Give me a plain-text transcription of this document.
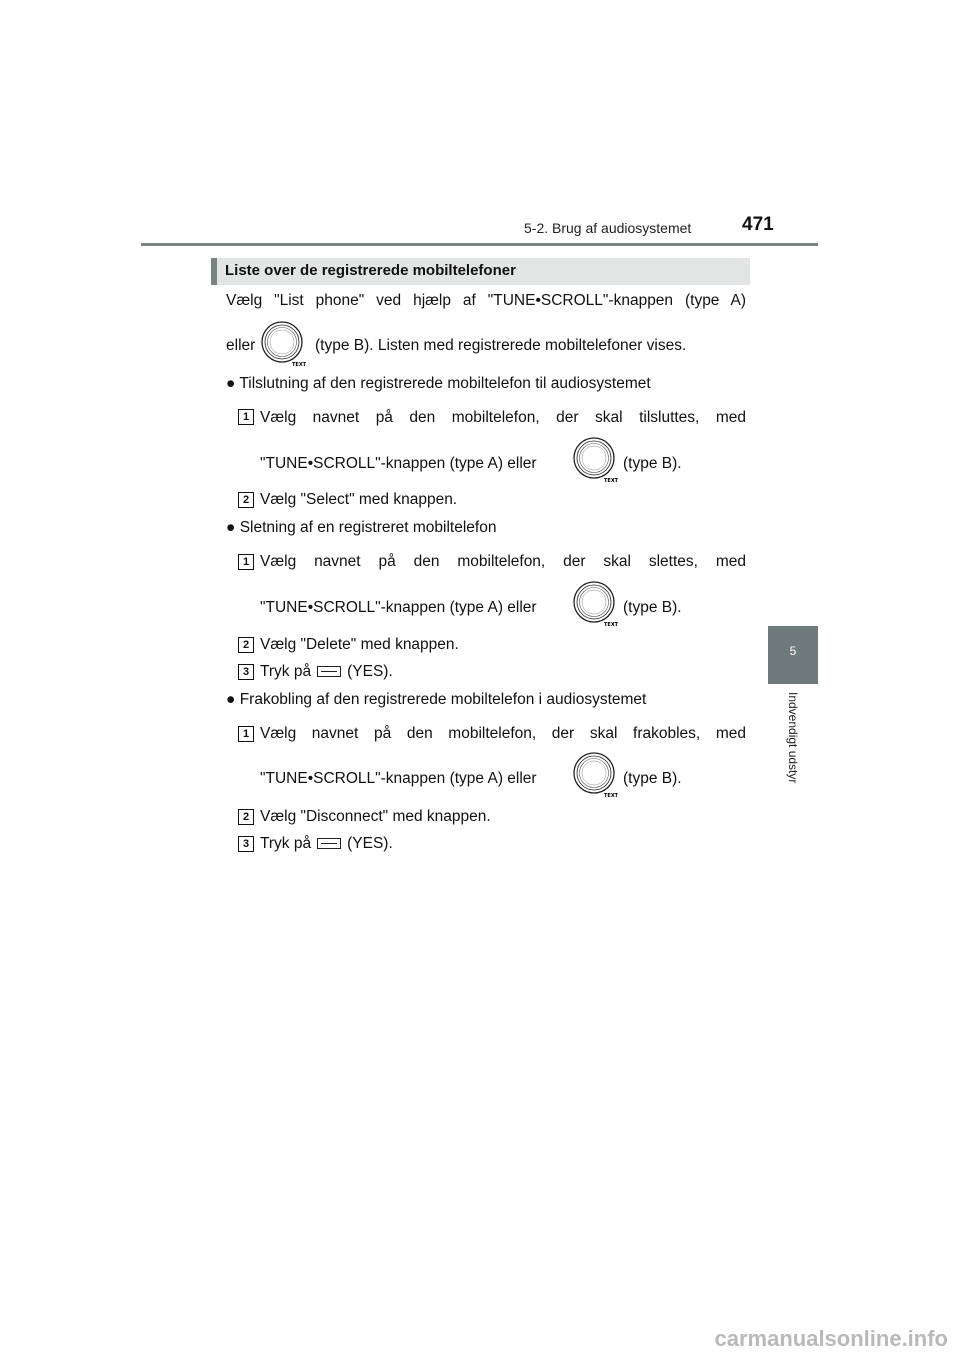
5-2. Brug af audiosystemet	471
5
Indvendigt udstyr
Liste over de registrerede mobiltelefoner
Vælg "List phone" ved hjælp af "TUNE•SCROLL"-knappen (type A)
eller
TEXT
(type B). Listen med registrerede mobiltelefoner vises.
● Tilslutning af den registrerede mobiltelefon til audiosystemet
1 Vælg navnet på den mobiltelefon, der skal tilsluttes, med
"TUNE•SCROLL"-knappen (type A) eller
TEXT
(type B).
2 Vælg "Select" med knappen.
● Sletning af en registreret mobiltelefon
1 Vælg navnet på den mobiltelefon, der skal slettes, med
"TUNE•SCROLL"-knappen (type A) eller
TEXT
(type B).
2 Vælg "Delete" med knappen.
3 Tryk på (YES).
● Frakobling af den registrerede mobiltelefon i audiosystemet
1 Vælg navnet på den mobiltelefon, der skal frakobles, med
"TUNE•SCROLL"-knappen (type A) eller
TEXT
(type B).
2 Vælg "Disconnect" med knappen.
3 Tryk på (YES).
carmanualsonline.info
